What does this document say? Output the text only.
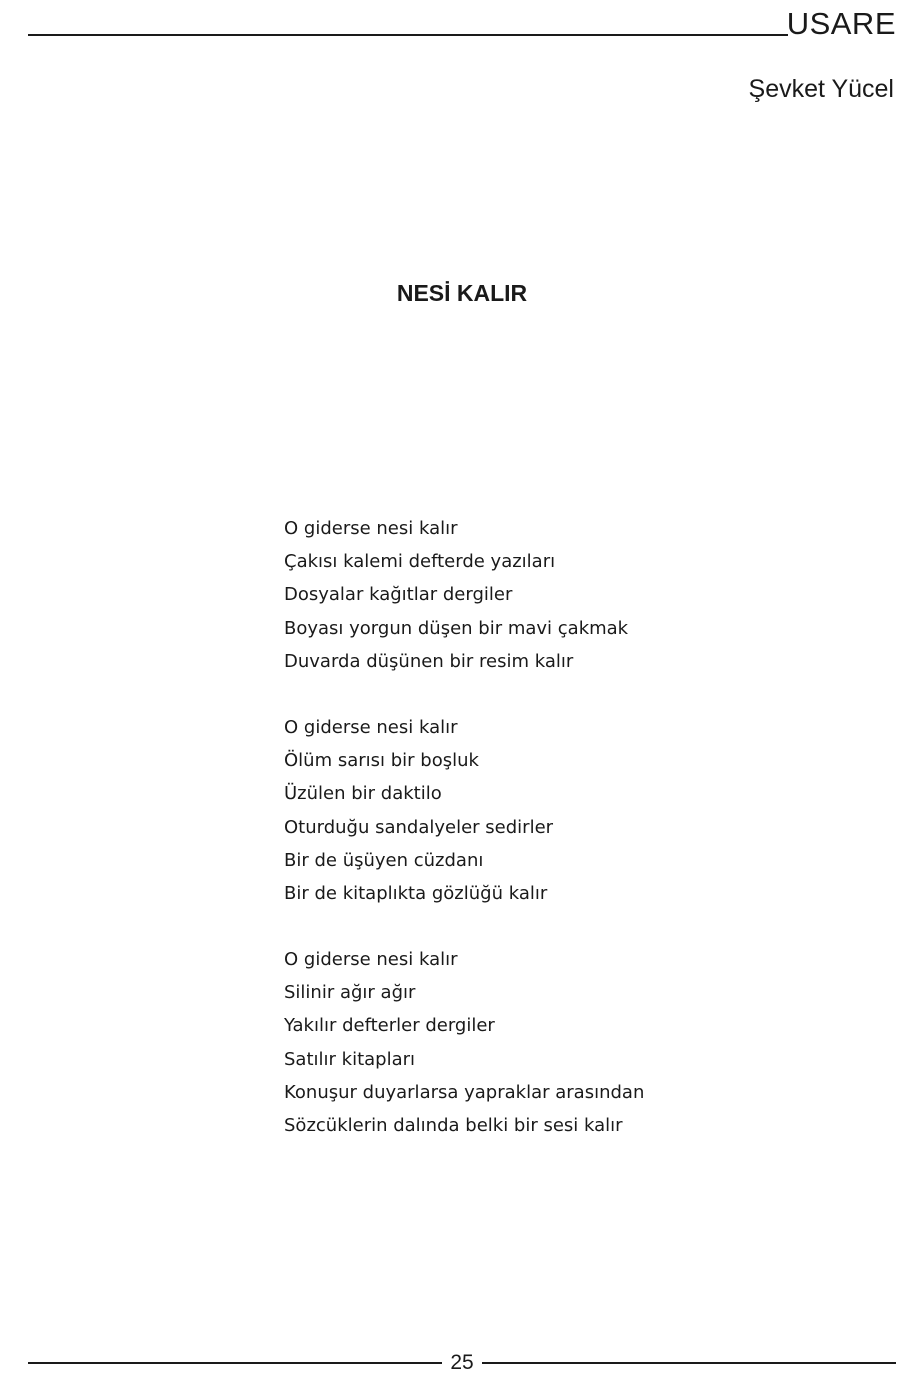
USARE
Şevket Yücel
NESİ KALIR
O giderse nesi kalır
Çakısı kalemi defterde yazıları
Dosyalar kağıtlar dergiler
Boyası yorgun düşen bir mavi çakmak
Duvarda düşünen bir resim kalır
O giderse nesi kalır
Ölüm sarısı bir boşluk
Üzülen bir daktilo
Oturduğu sandalyeler sedirler
Bir de üşüyen cüzdanı
Bir de kitaplıkta gözlüğü kalır
O giderse nesi kalır
Silinir ağır ağır
Yakılır defterler dergiler
Satılır kitapları
Konuşur duyarlarsa yapraklar arasından
Sözcüklerin dalında belki bir sesi kalır
25
